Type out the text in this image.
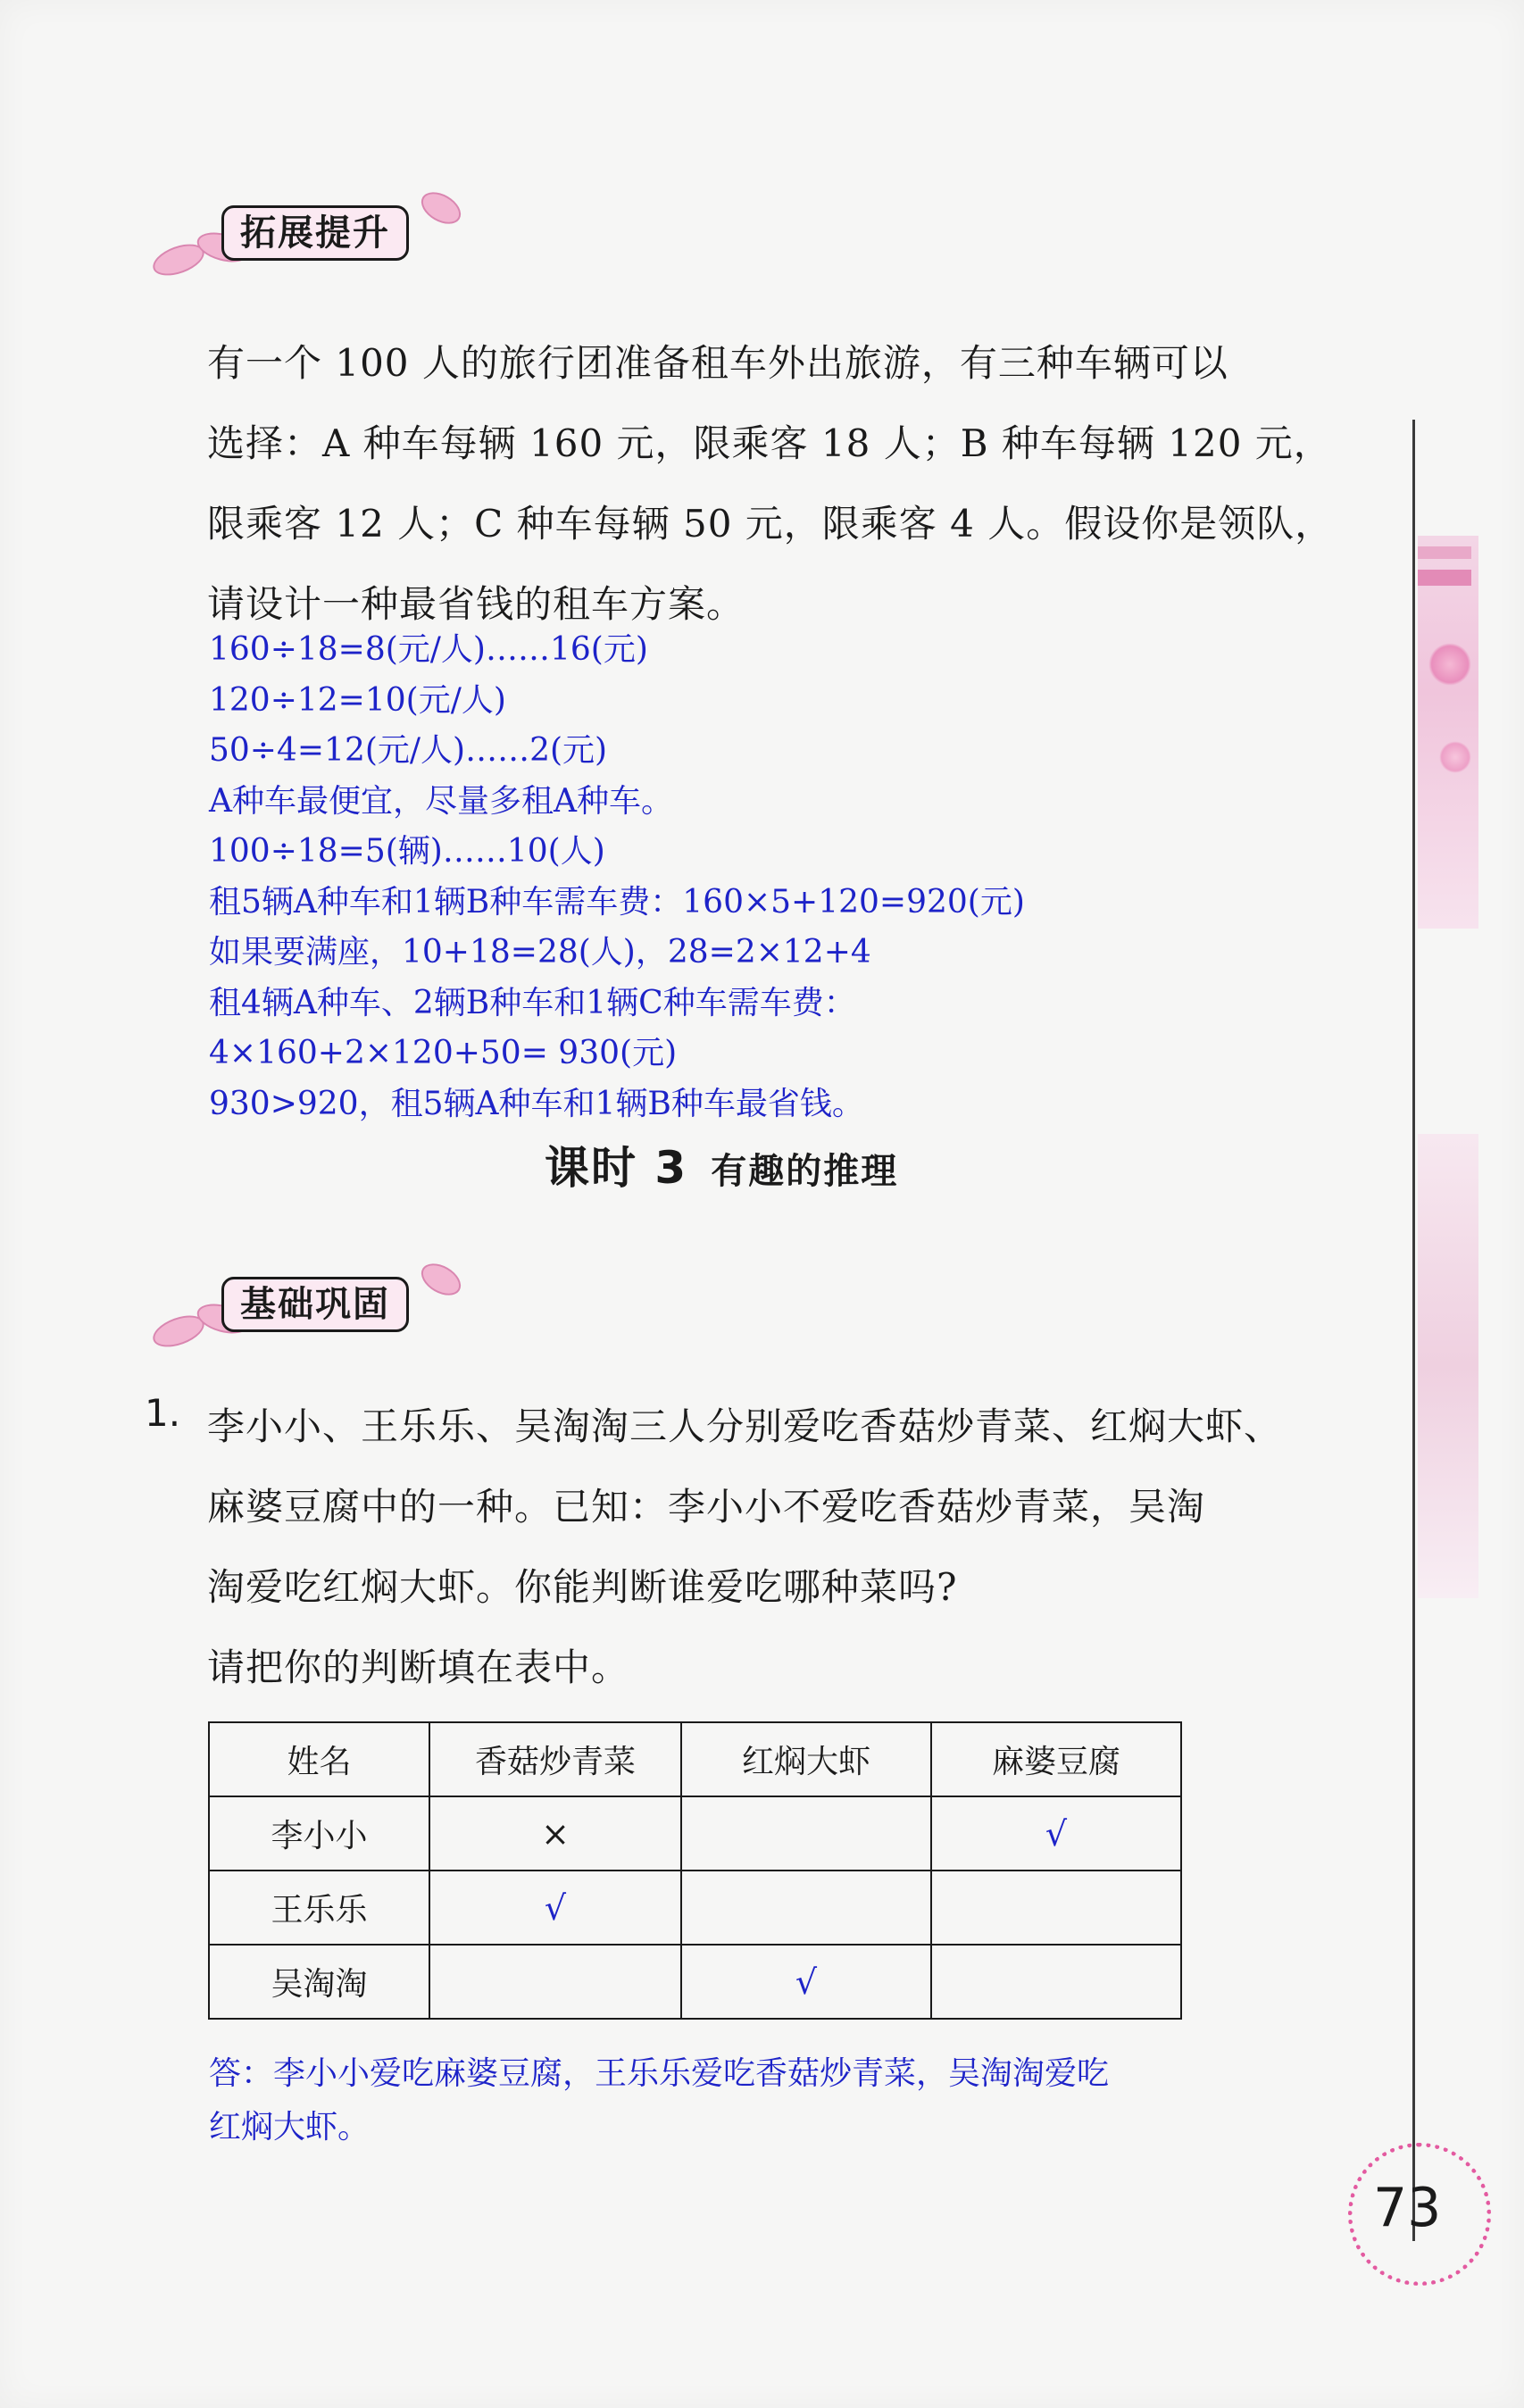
拓展提升
有一个 100 人的旅行团准备租车外出旅游，有三种车辆可以
选择：A 种车每辆 160 元，限乘客 18 人；B 种车每辆 120 元，
限乘客 12 人；C 种车每辆 50 元，限乘客 4 人。假设你是领队，
请设计一种最省钱的租车方案。
160÷18=8(元/人)……16(元)
120÷12=10(元/人)
50÷4=12(元/人)……2(元)
A种车最便宜，尽量多租A种车。
100÷18=5(辆)……10(人)
租5辆A种车和1辆B种车需车费：160×5+120=920(元)
如果要满座，10+18=28(人)，28=2×12+4
租4辆A种车、2辆B种车和1辆C种车需车费：
4×160+2×120+50= 930(元)
930>920，租5辆A种车和1辆B种车最省钱。
课时 3 有趣的推理
基础巩固
1. 李小小、王乐乐、吴淘淘三人分别爱吃香菇炒青菜、红焖大虾、
麻婆豆腐中的一种。已知：李小小不爱吃香菇炒青菜，吴淘
淘爱吃红焖大虾。你能判断谁爱吃哪种菜吗?
请把你的判断填在表中。
姓名	香菇炒青菜	红焖大虾	麻婆豆腐
李小小	×		√
王乐乐	√		
吴淘淘		√	
答：李小小爱吃麻婆豆腐，王乐乐爱吃香菇炒青菜，吴淘淘爱吃
红焖大虾。
73
